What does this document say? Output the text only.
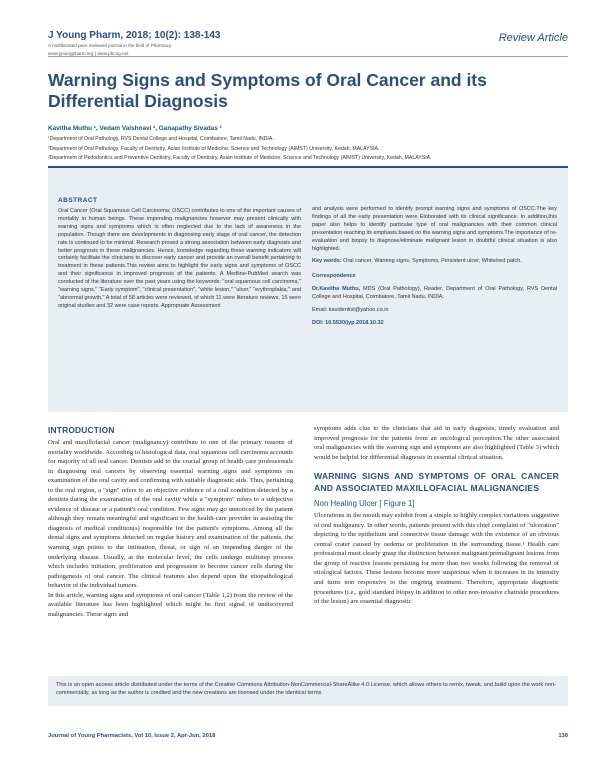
J Young Pharm, 2018; 10(2): 138-143
A multifaceted peer reviewed journal in the field of Pharmacy
www.jyoungpharm.org | www.phcog.net
Review Article
Warning Signs and Symptoms of Oral Cancer and its Differential Diagnosis
Kavitha Muthu ¹, Vedam Vaishnavi ², Ganapathy Sivadas ³
¹Department of Oral Pathology, RVS Dental College and Hospital, Coimbatore, Tamil Nadu, INDIA.
²Department of Oral Pathology, Faculty of Dentistry, Asian Institute of Medicine, Science and Technology (AIMST) University, Kedah, MALAYSIA.
³Department of Pedodontics and Preventive Dentistry, Faculty of Dentistry, Asian Institute of Medicine, Science and Technology (AIMST) University, Kedah, MALAYSIA.
ABSTRACT
Oral Cancer (Oral Squamous Cell Carcinoma; OSCC) contributes to one of the important causes of mortality in human beings. These impending malignancies however may present clinically with warning signs and symptoms which is often neglected due to the lack of awareness in the population. Though there are developments in diagnosing early stage of oral cancer, the detection rate is continued to be minimal. Research proved a strong association between early diagnosis and better prognosis in these malignancies. Hence, knowledge regarding these warning indicators will certainly facilitate the clinicians to discover early cancer and provide an overall benefit pertaining to treatment in these patients.This review aims to highlight the early signs and symptoms of OSCC and their significance in improved prognosis of the patients. A Medline-PubMed search was conducted of the literature over the past years using the keywords: "oral squamous cell carcinoma," "warning signs," "Early symptom", "clinical presentation", "white lesion," "ulcer," "erythroplakia," and "abnormal growth." A total of 58 articles were reviewed, of which 11 were literature reviews, 15 were original studies and 32 were case reports. Appropriate Assessment
and analysis were performed to identify prompt warning signs and symptoms of OSCC.The key findings of all the early presentation were Eloborated with its clinical significance. In addition,this paper also helps to identify particular type of oral malignancies with their common clinical presentation reaching its emphasis based on the warning signs and symptoms.The importance of re-evaluation and biopsy to diagnose/eliminate malignant lesion in doubtful clinical situation is also highlighted.

Key words: Oral cancer, Warning signs, Symptoms, Persistent ulcer, White/red patch.

Correspondence

Dr.Kavitha Muthu, MDS (Oral Pathology), Reader, Department of Oral Pathology, RVS Dental College and Hospital, Coimbatore, Tamil Nadu, INDIA.

Email: kavidentist@yahoo.co.in

DOI: 10.5530/jyp.2018.10.32

INTRODUCTION

Oral and maxillofacial cancer (malignancy) contribute to one of the primary reasons of mortality worldwide. According to histological data, oral squamous cell carcinoma accounts for majority of all oral cancer. Dentists add to the crucial group of health care professionals in diagnosing oral cancers by observing essential warning signs and symptoms on examination of the oral cavity and confirming with suitable diagnostic aids. Thus, pertaining to the oral region, a "sign" refers to an objective evidence of a oral condition detected by a dentists during the examination of the oral cavity while a "symptom" refers to a subjective evidence of disease or a patient's oral condition. Few signs may go unnoticed by the patient although they remain meaningful and significant to the health-care provider in assisting the diagnosis of medical condition(s) responsible for the patient's symptoms. Among all the dental signs and symptoms detected on regular history and examination of the patients, the warning sign points to the intimation, threat, or sign of an impending danger of the underlying disease. Usually, at the molecular level, the cells undergo multistep process which includes initiation, proliferation and progression to become cancer cells during the pathogenesis of oral cancer. The clinical features also depend upon the etiopathological behavior of the individual tumors.

In this article, warning signs and symptoms of oral cancer (Table 1,2) from the review of the available literature has been highlighted which might be first signal of undiscovered malignancies. These signs and

symptoms adds clue to the clinicians that aid in early diagnosis, timely evaluation and improved prognosis for the patients from an oncological perception.The other associated oral malignancies with the warning sign and symptoms are also highlighted (Table 3) which would be helpful for differential diagnosis in essential clinical situation.

WARNING SIGNS AND SYMPTOMS OF ORAL CANCER AND ASSOCIATED MAXILLOFACIAL MALIGNANCIES
Non Healing Ulcer [ Figure 1]

Ulcerations in the mouth may exhibit from a simple to highly complex variations suggestive of oral malignancy. In other words, patients present with this chief complaint of "ulceration" depicting to the epithelium and connective tissue damage with the existence of an obvious central crater caused by oedema or proliferation in the surrounding tissue.¹ Health care professional must clearly grasp the distinction between malignant/premalignant lesions from the group of reactive lesions persisting for more than two weeks following the removal of etiological factors. These lesions become more suspicious when it increases in its intensity and turns non responsive to the ongoing treatment. Therefore, appropriate diagnostic procedures (i.e., gold standard biopsy in addition to other non-invasive chairside procedures of the lesion) are essential diagnostic

This is an open access article distributed under the terms of the Creative Commons Attribution-NonCommercial-ShareAlike 4.0 License, which allows others to remix, tweak, and build upon the work non-commercially, as long as the author is credited and the new creations are licensed under the identical terms.
Journal of Young Pharmacists, Vol 10, Issue 2, Apr-Jun, 2018	138
